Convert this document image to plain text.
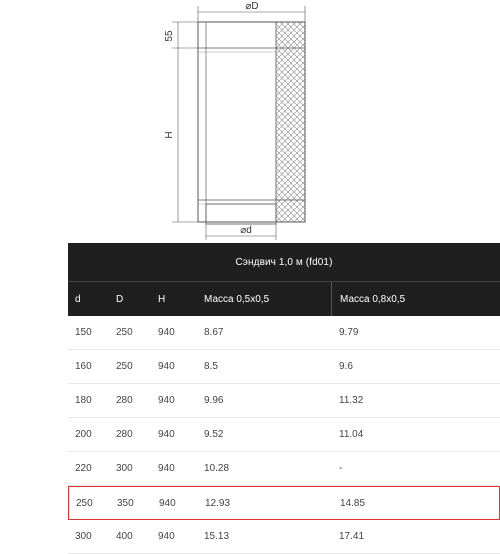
⌀D
⌀d
H
55
Сэндвич 1,0 м (fd01)
d	D	H	Масса 0,5х0,5	Масса 0,8х0,5
150	250	940	8.67	9.79
160	250	940	8.5	9.6
180	280	940	9.96	11.32
200	280	940	9.52	11.04
220	300	940	10.28	-
250	350	940	12.93	14.85
300	400	940	15.13	17.41
